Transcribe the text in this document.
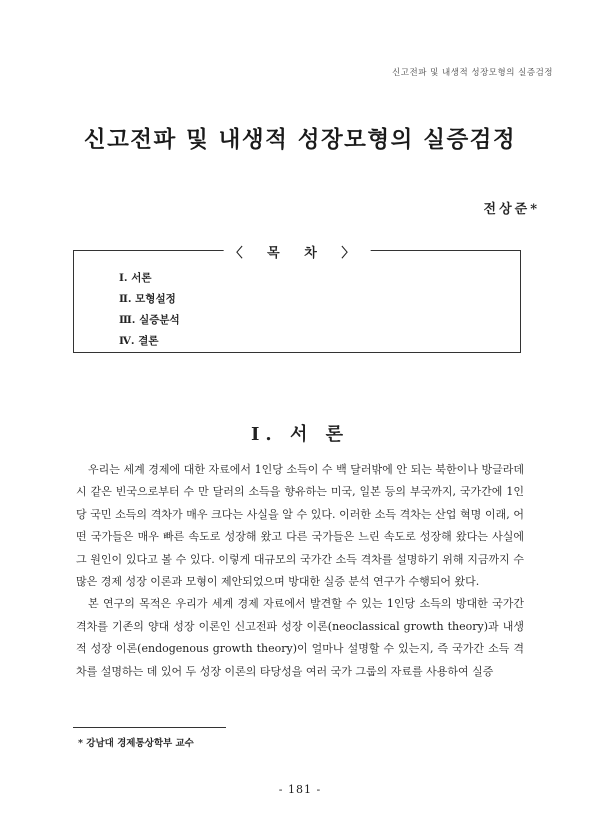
신고전파 및 내생적 성장모형의 실증검정
신고전파 및 내생적 성장모형의 실증검정
전상준*
〈 목 차 〉
Ⅰ. 서론
Ⅱ. 모형설정
Ⅲ. 실증분석
Ⅳ. 결론
Ⅰ. 서 론

우리는 세계 경제에 대한 자료에서 1인당 소득이 수 백 달러밖에 안 되는 북한이나 방글라데시 같은 빈국으로부터 수 만 달러의 소득을 향유하는 미국, 일본 등의 부국까지, 국가간에 1인당 국민 소득의 격차가 매우 크다는 사실을 알 수 있다. 이러한 소득 격차는 산업 혁명 이래, 어떤 국가들은 매우 빠른 속도로 성장해 왔고 다른 국가들은 느린 속도로 성장해 왔다는 사실에 그 원인이 있다고 볼 수 있다. 이렇게 대규모의 국가간 소득 격차를 설명하기 위해 지금까지 수많은 경제 성장 이론과 모형이 제안되었으며 방대한 실증 분석 연구가 수행되어 왔다.

본 연구의 목적은 우리가 세계 경제 자료에서 발견할 수 있는 1인당 소득의 방대한 국가간 격차를 기존의 양대 성장 이론인 신고전파 성장 이론(neoclassical growth theory)과 내생적 성장 이론(endogenous growth theory)이 얼마나 설명할 수 있는지, 즉 국가간 소득 격차를 설명하는 데 있어 두 성장 이론의 타당성을 여러 국가 그룹의 자료를 사용하여 실증

* 강남대 경제통상학부 교수
- 181 -
